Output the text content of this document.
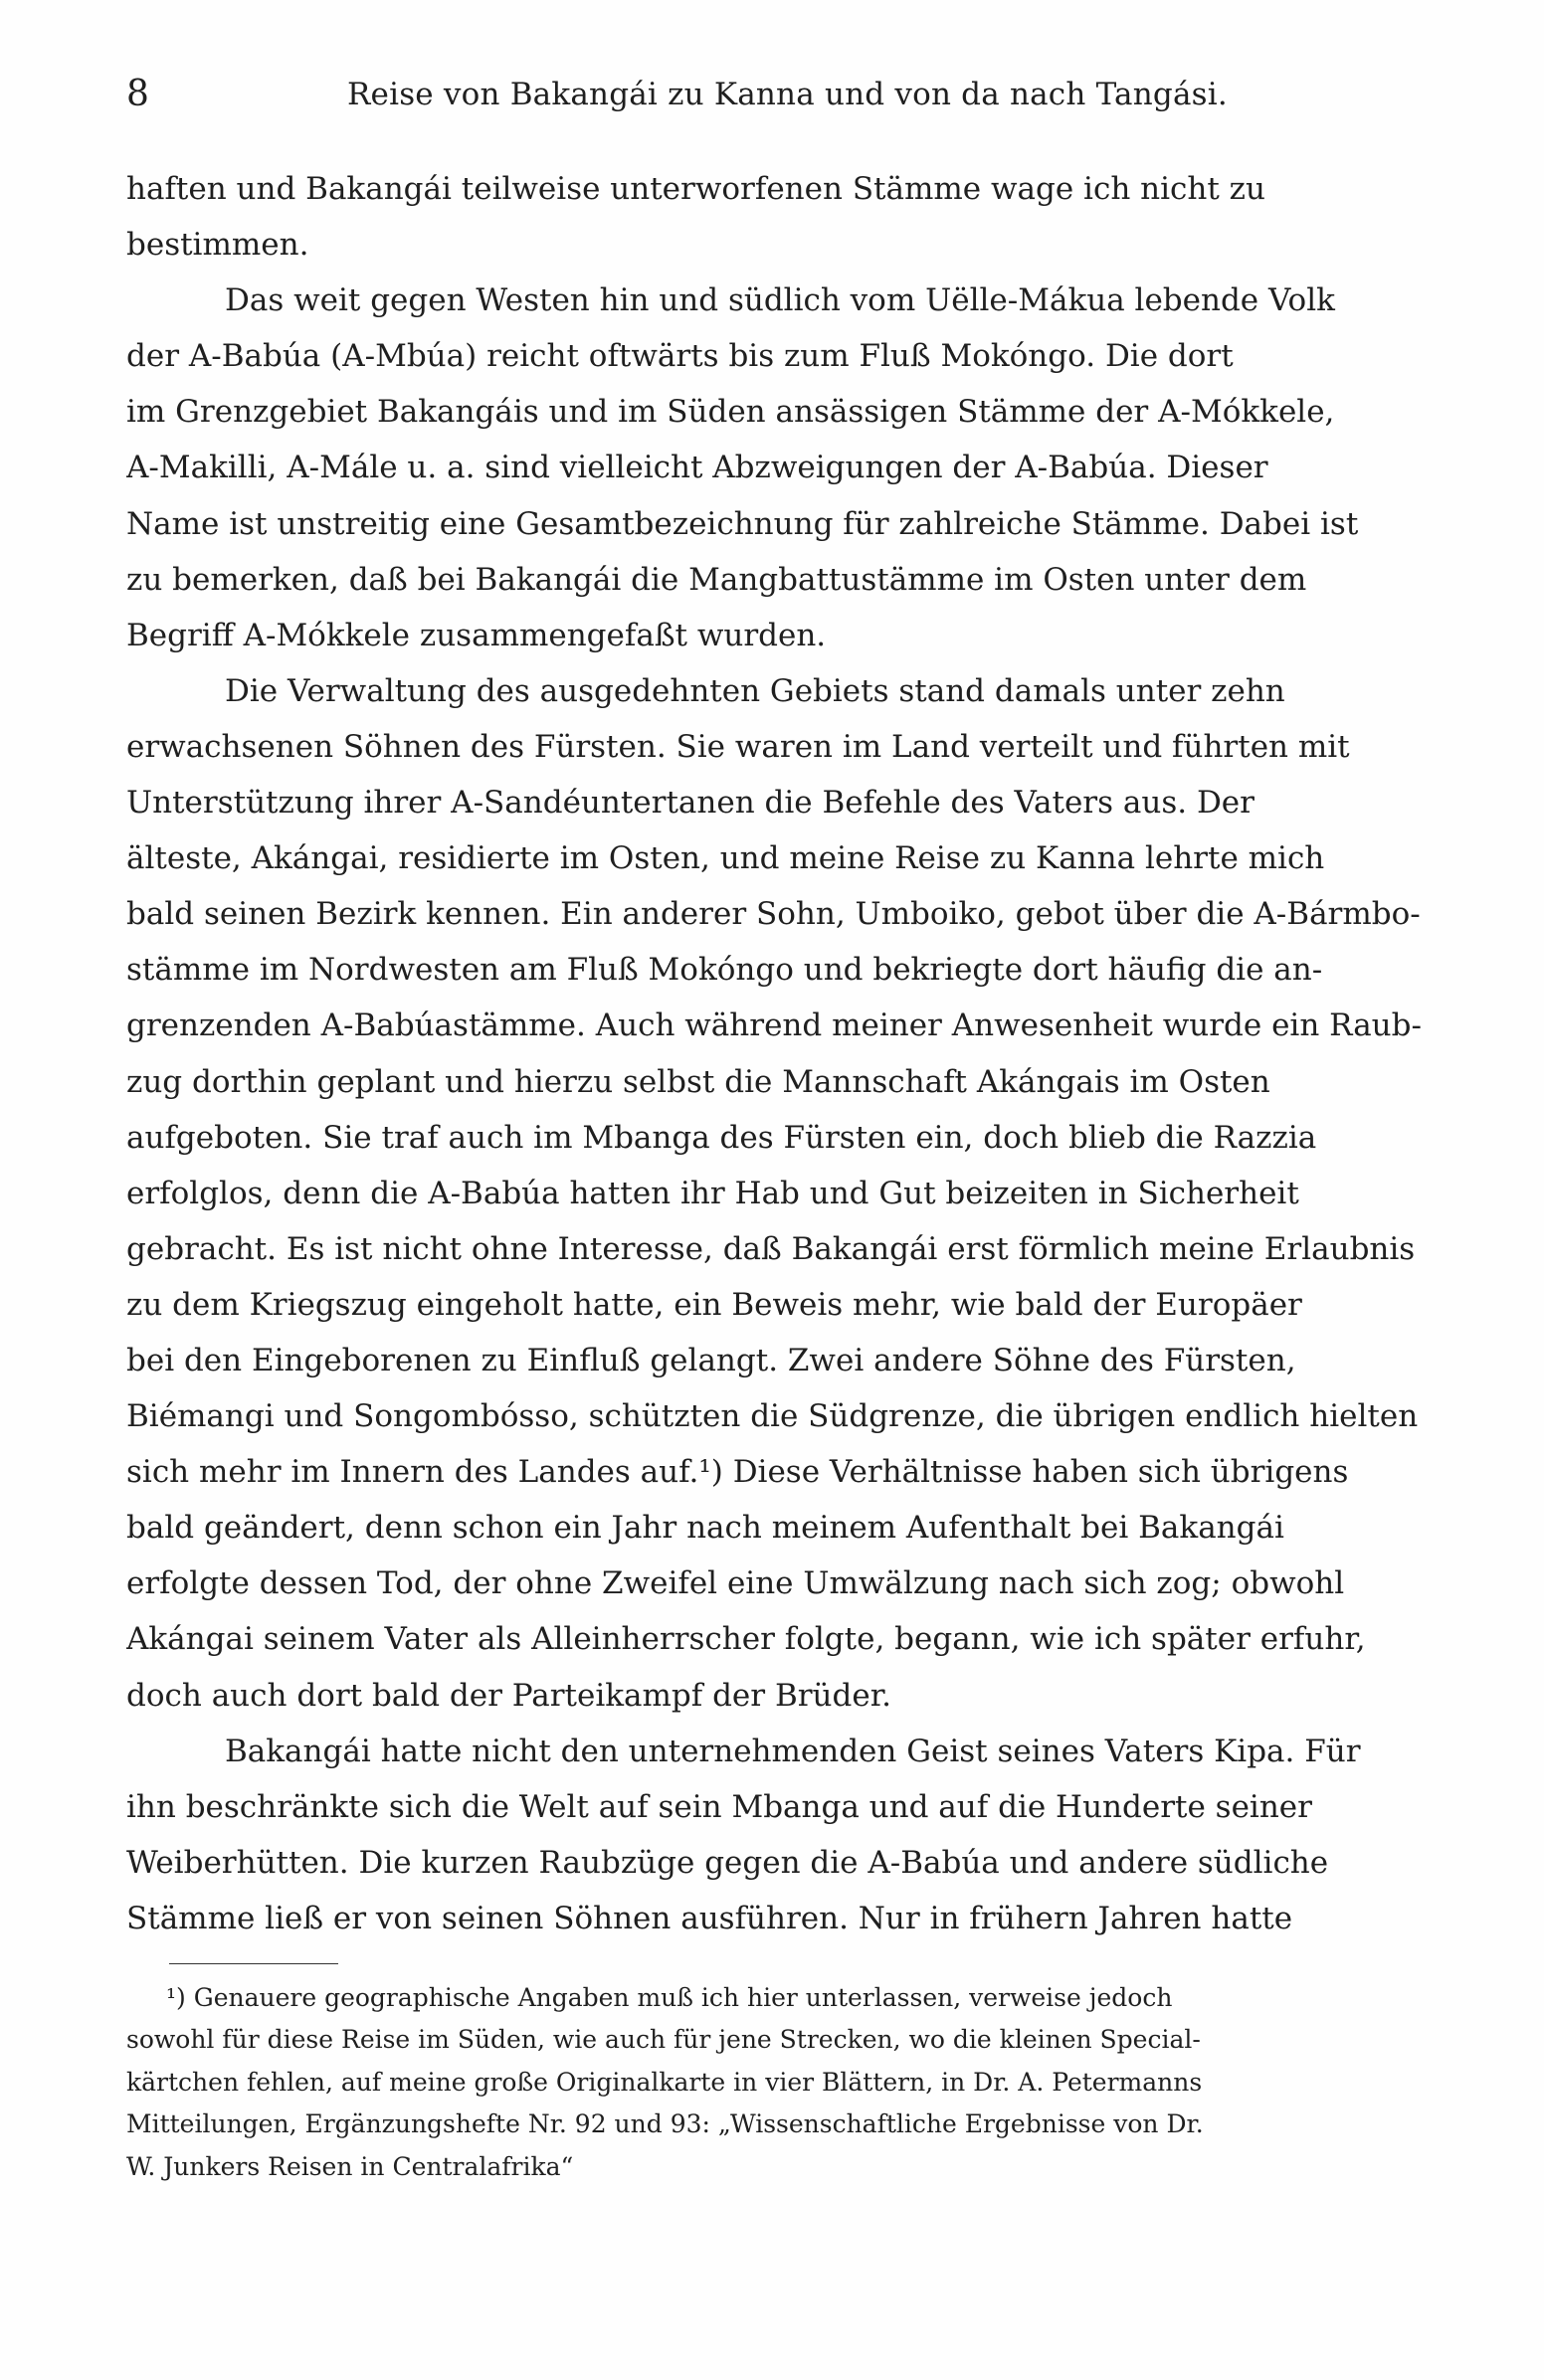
8	Reise von Bakangái zu Kanna und von da nach Tangási.
haften und Bakangái teilweise unterworfenen Stämme wage ich nicht zu
bestimmen.
Das weit gegen Westen hin und südlich vom Uëlle-Mákua lebende Volk
der A-Babúa (A-Mbúa) reicht oftwärts bis zum Fluß Mokóngo. Die dort
im Grenzgebiet Bakangáis und im Süden ansässigen Stämme der A-Mókkele,
A-Makilli, A-Mále u. a. sind vielleicht Abzweigungen der A-Babúa. Dieser
Name ist unstreitig eine Gesamtbezeichnung für zahlreiche Stämme. Dabei ist
zu bemerken, daß bei Bakangái die Mangbattustämme im Osten unter dem
Begriff A-Mókkele zusammengefaßt wurden.
Die Verwaltung des ausgedehnten Gebiets stand damals unter zehn
erwachsenen Söhnen des Fürsten. Sie waren im Land verteilt und führten mit
Unterstützung ihrer A-Sandéuntertanen die Befehle des Vaters aus. Der
älteste, Akángai, residierte im Osten, und meine Reise zu Kanna lehrte mich
bald seinen Bezirk kennen. Ein anderer Sohn, Umboiko, gebot über die A-Bármbo-
stämme im Nordwesten am Fluß Mokóngo und bekriegte dort häufig die an-
grenzenden A-Babúastämme. Auch während meiner Anwesenheit wurde ein Raub-
zug dorthin geplant und hierzu selbst die Mannschaft Akángais im Osten
aufgeboten. Sie traf auch im Mbanga des Fürsten ein, doch blieb die Razzia
erfolglos, denn die A-Babúa hatten ihr Hab und Gut beizeiten in Sicherheit
gebracht. Es ist nicht ohne Interesse, daß Bakangái erst förmlich meine Erlaubnis
zu dem Kriegszug eingeholt hatte, ein Beweis mehr, wie bald der Europäer
bei den Eingeborenen zu Einfluß gelangt. Zwei andere Söhne des Fürsten,
Biémangi und Songombósso, schützten die Südgrenze, die übrigen endlich hielten
sich mehr im Innern des Landes auf.¹) Diese Verhältnisse haben sich übrigens
bald geändert, denn schon ein Jahr nach meinem Aufenthalt bei Bakangái
erfolgte dessen Tod, der ohne Zweifel eine Umwälzung nach sich zog; obwohl
Akángai seinem Vater als Alleinherrscher folgte, begann, wie ich später erfuhr,
doch auch dort bald der Parteikampf der Brüder.
Bakangái hatte nicht den unternehmenden Geist seines Vaters Kipa. Für
ihn beschränkte sich die Welt auf sein Mbanga und auf die Hunderte seiner
Weiberhütten. Die kurzen Raubzüge gegen die A-Babúa und andere südliche
Stämme ließ er von seinen Söhnen ausführen. Nur in frühern Jahren hatte
¹) Genauere geographische Angaben muß ich hier unterlassen, verweise jedoch
sowohl für diese Reise im Süden, wie auch für jene Strecken, wo die kleinen Special-
kärtchen fehlen, auf meine große Originalkarte in vier Blättern, in Dr. A. Petermanns
Mitteilungen, Ergänzungshefte Nr. 92 und 93: „Wissenschaftliche Ergebnisse von Dr.
W. Junkers Reisen in Centralafrika“
